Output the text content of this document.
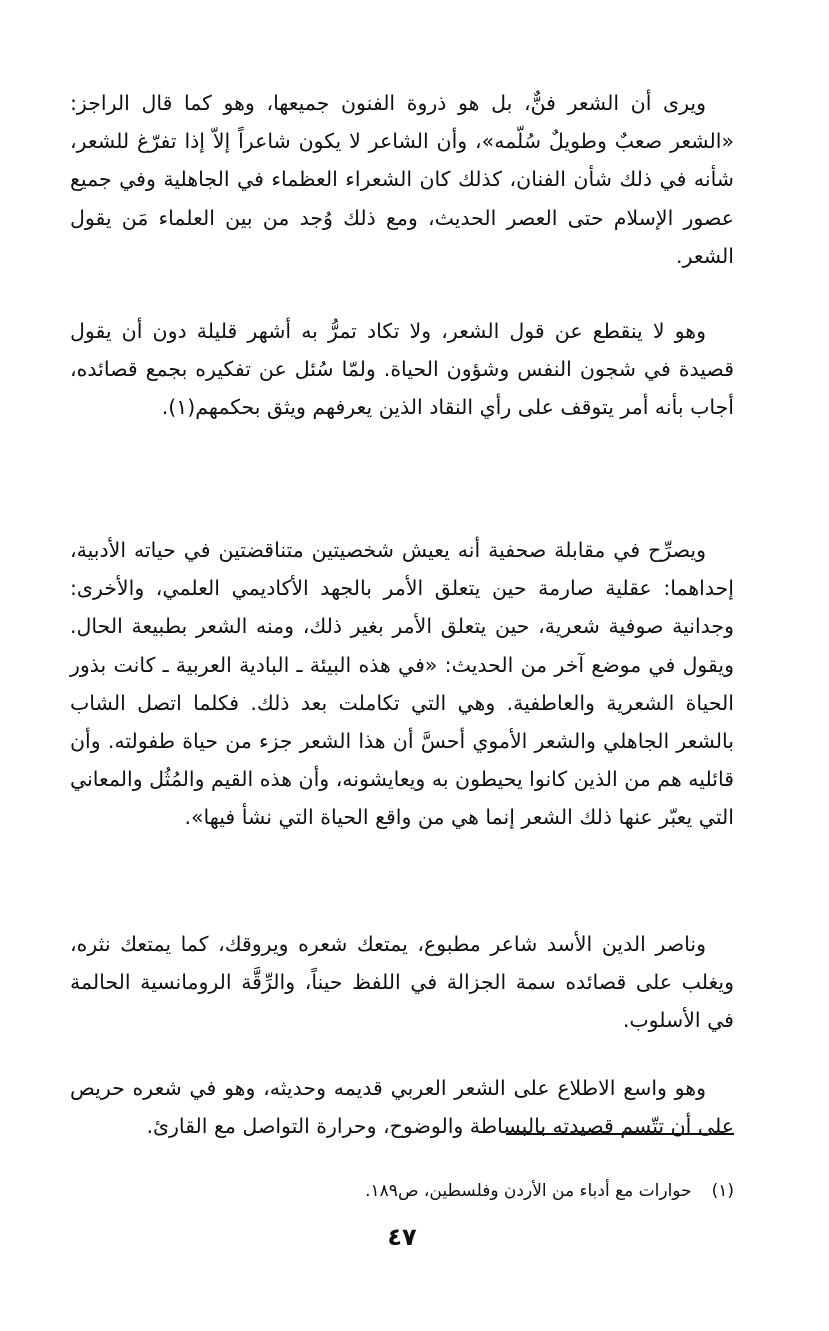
ويرى أن الشعر فنٌّ، بل هو ذروة الفنون جميعها، وهو كما قال الراجز: «الشعر صعبٌ وطويلٌ سُلّمه»، وأن الشاعر لا يكون شاعراً إلاّ إذا تفرّغ للشعر، شأنه في ذلك شأن الفنان، كذلك كان الشعراء العظماء في الجاهلية وفي جميع عصور الإسلام حتى العصر الحديث، ومع ذلك وُجد من بين العلماء مَن يقول الشعر.

وهو لا ينقطع عن قول الشعر، ولا تكاد تمرُّ به أشهر قليلة دون أن يقول قصيدة في شجون النفس وشؤون الحياة. ولمّا سُئل عن تفكيره بجمع قصائده، أجاب بأنه أمر يتوقف على رأي النقاد الذين يعرفهم ويثق بحكمهم(١).

ويصرِّح في مقابلة صحفية أنه يعيش شخصيتين متناقضتين في حياته الأدبية، إحداهما: عقلية صارمة حين يتعلق الأمر بالجهد الأكاديمي العلمي، والأخرى: وجدانية صوفية شعرية، حين يتعلق الأمر بغير ذلك، ومنه الشعر بطبيعة الحال. ويقول في موضع آخر من الحديث: «في هذه البيئة ـ البادية العربية ـ كانت بذور الحياة الشعرية والعاطفية. وهي التي تكاملت بعد ذلك. فكلما اتصل الشاب بالشعر الجاهلي والشعر الأموي أحسَّ أن هذا الشعر جزء من حياة طفولته. وأن قائليه هم من الذين كانوا يحيطون به ويعايشونه، وأن هذه القيم والمُثُل والمعاني التي يعبّر عنها ذلك الشعر إنما هي من واقع الحياة التي نشأ فيها».

وناصر الدين الأسد شاعر مطبوع، يمتعك شعره ويروقك، كما يمتعك نثره، ويغلب على قصائده سمة الجزالة في اللفظ حيناً، والرِّقَّة الرومانسية الحالمة في الأسلوب.

وهو واسع الاطلاع على الشعر العربي قديمه وحديثه، وهو في شعره حريص على أن تتّسم قصيدته بالبساطة والوضوح، وحرارة التواصل مع القارئ.

(١)حوارات مع أدباء من الأردن وفلسطين، ص١٨٩.
٤٧
